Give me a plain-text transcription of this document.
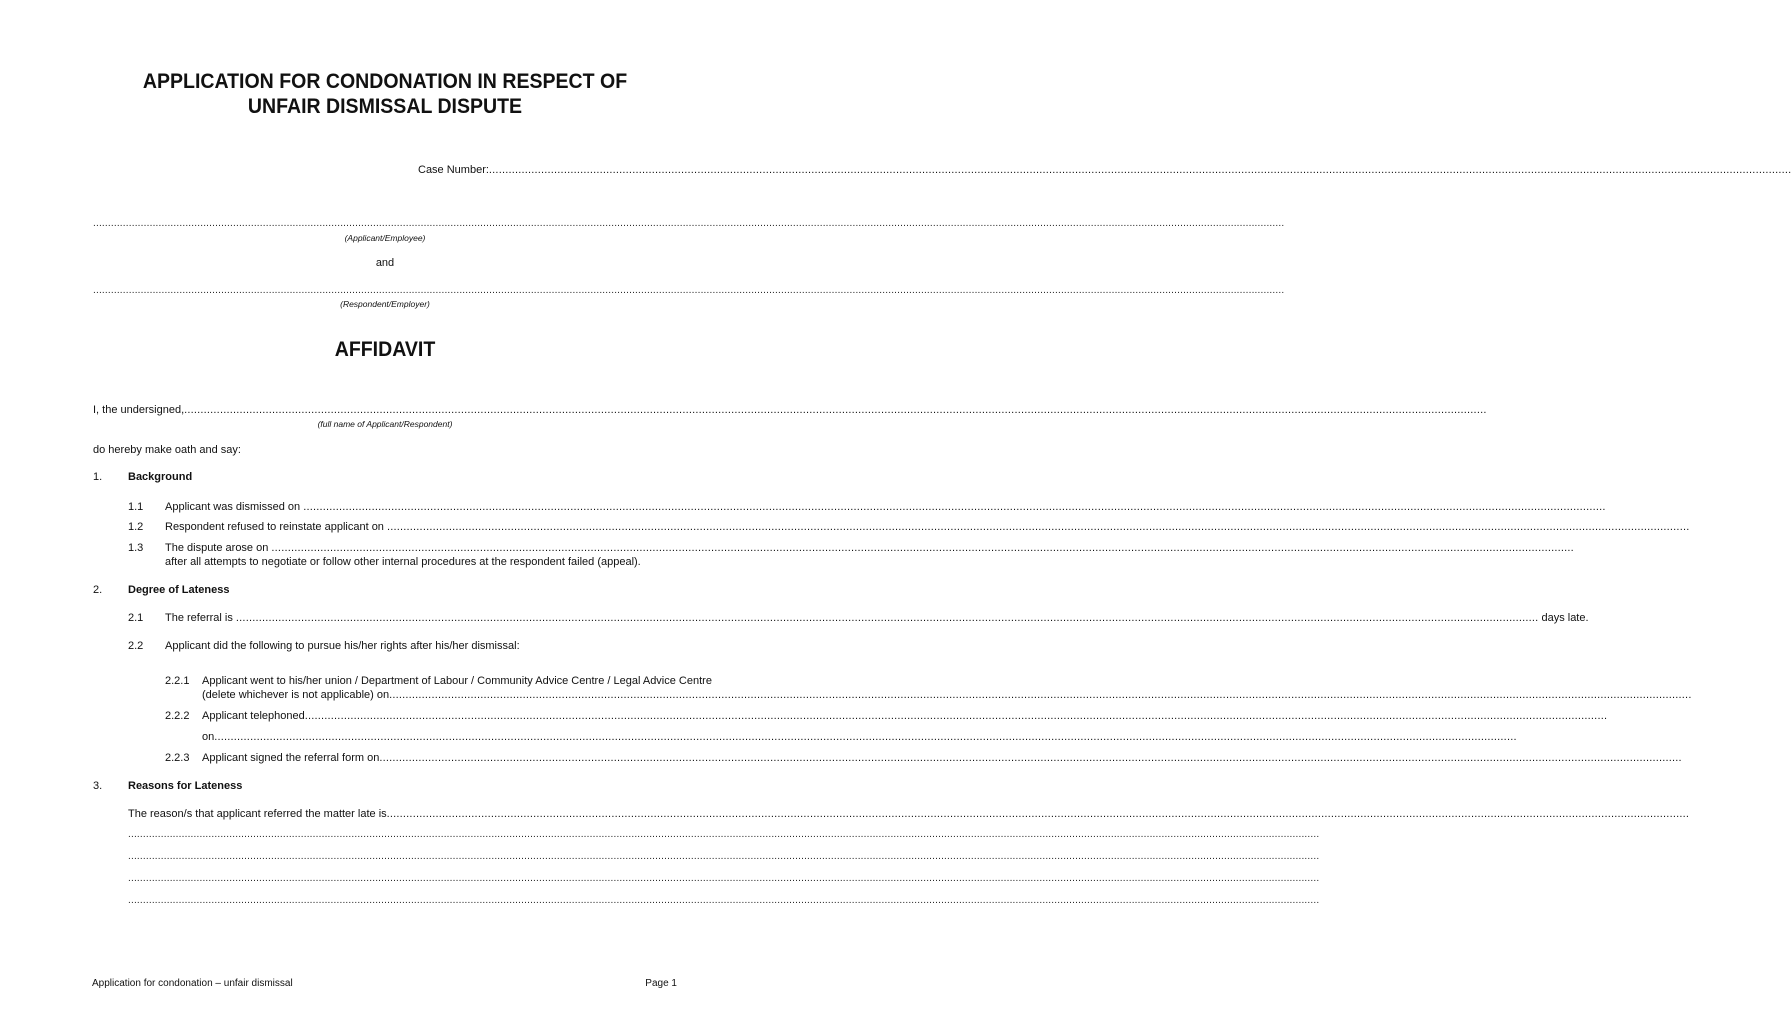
APPLICATION FOR CONDONATION IN RESPECT OF
UNFAIR DISMISSAL DISPUTE
Case Number: ................................................................................................................................................................................................................................................................................................................................................................................................................
................................................................................................................................................................................................................................................................................................................................................................................................................
(Applicant/Employee)
and
................................................................................................................................................................................................................................................................................................................................................................................................................
(Respondent/Employer)
AFFIDAVIT
I, the undersigned, ................................................................................................................................................................................................................................................................................................................................................................................................................
(full name of Applicant/Respondent)
do hereby make oath and say:
1. Background
1.1 Applicant was dismissed on
................................................................................................................................................................................................................................................................................................................................................................................................................
1.2 Respondent refused to reinstate applicant on
................................................................................................................................................................................................................................................................................................................................................................................................................
1.3 The dispute arose on
................................................................................................................................................................................................................................................................................................................................................................................................................
after all attempts to negotiate or follow other internal procedures at the respondent failed (appeal).
2. Degree of Lateness
2.1 The referral is
................................................................................................................................................................................................................................................................................................................................................................................................................
days late.
2.2 Applicant did the following to pursue his/her rights after his/her dismissal:
2.2.1 Applicant went to his/her union / Department of Labour / Community Advice Centre / Legal Advice Centre
(delete whichever is not applicable) on ................................................................................................................................................................................................................................................................................................................................................................................................................
2.2.2 Applicant telephoned ................................................................................................................................................................................................................................................................................................................................................................................................................
on ................................................................................................................................................................................................................................................................................................................................................................................................................
2.2.3 Applicant signed the referral form on ................................................................................................................................................................................................................................................................................................................................................................................................................
3. Reasons for Lateness
The reason/s that applicant referred the matter late is ................................................................................................................................................................................................................................................................................................................................................................................................................
................................................................................................................................................................................................................................................................................................................................................................................................................
................................................................................................................................................................................................................................................................................................................................................................................................................
................................................................................................................................................................................................................................................................................................................................................................................................................
................................................................................................................................................................................................................................................................................................................................................................................................................
Application for condonation – unfair dismissal	Page 1
